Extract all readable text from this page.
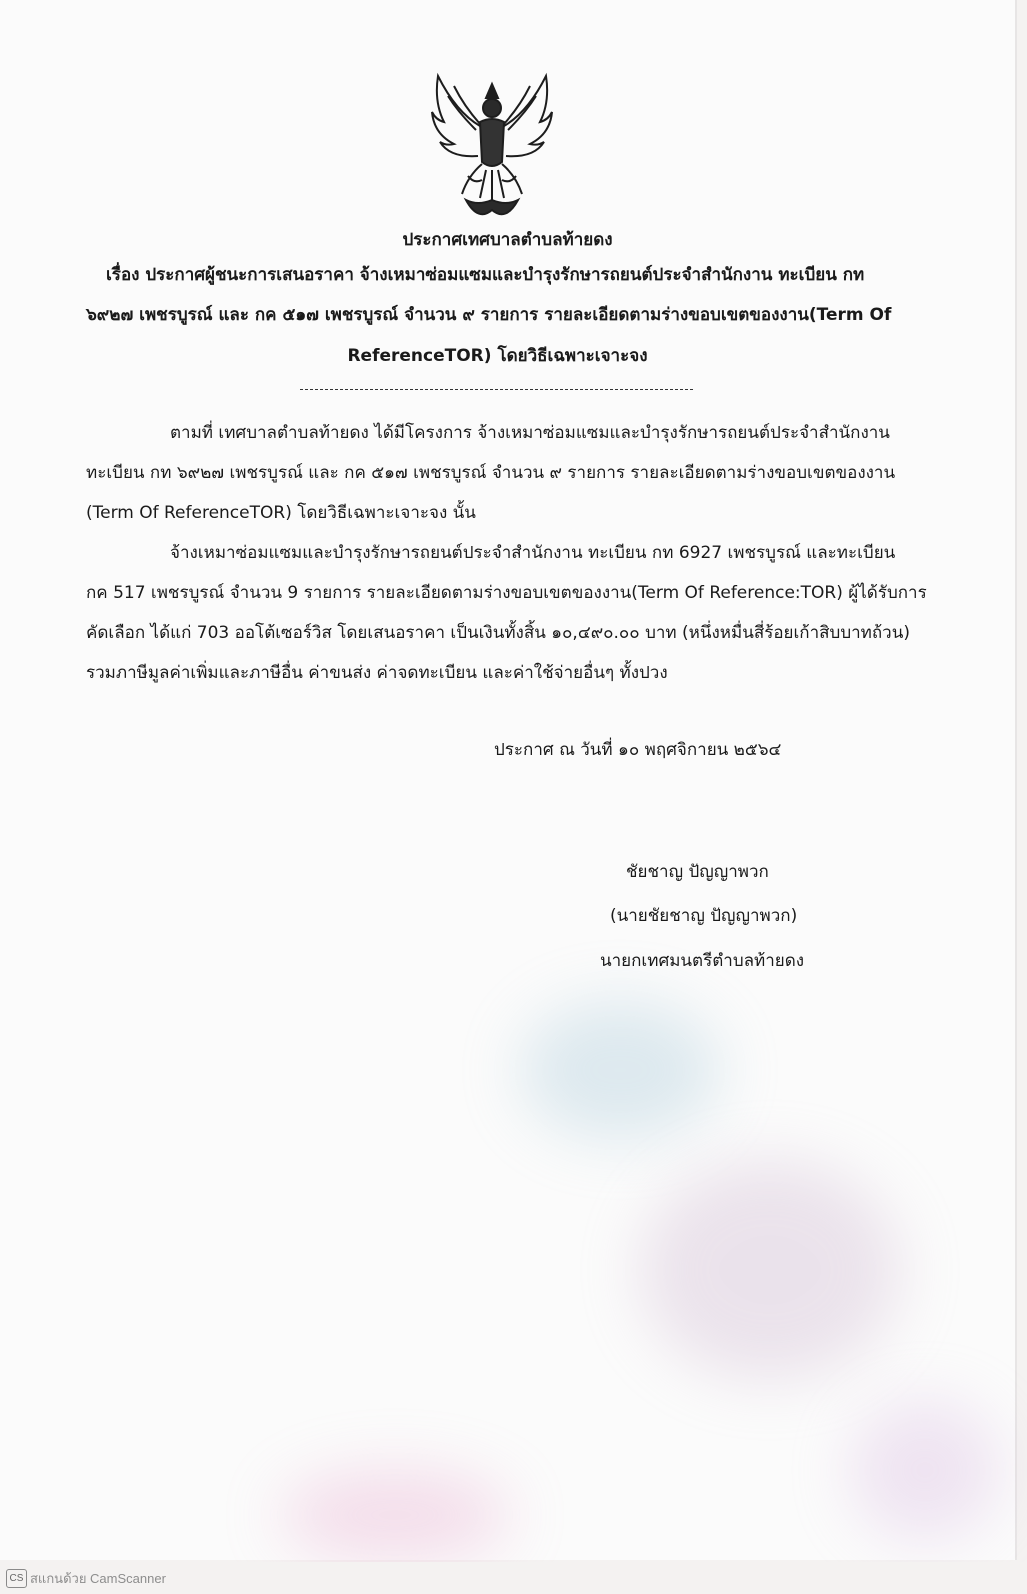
ประกาศเทศบาลตำบลท้ายดง
เรื่อง ประกาศผู้ชนะการเสนอราคา จ้างเหมาซ่อมแซมและบำรุงรักษารถยนต์ประจำสำนักงาน ทะเบียน กท
๖๙๒๗ เพชรบูรณ์ และ กค ๕๑๗ เพชรบูรณ์ จำนวน ๙ รายการ รายละเอียดตามร่างขอบเขตของงาน(Term Of
ReferenceTOR) โดยวิธีเฉพาะเจาะจง
ตามที่ เทศบาลตำบลท้ายดง ได้มีโครงการ จ้างเหมาซ่อมแซมและบำรุงรักษารถยนต์ประจำสำนักงาน
ทะเบียน กท ๖๙๒๗ เพชรบูรณ์ และ กค ๕๑๗ เพชรบูรณ์ จำนวน ๙ รายการ รายละเอียดตามร่างขอบเขตของงาน
(Term Of ReferenceTOR) โดยวิธีเฉพาะเจาะจง นั้น
จ้างเหมาซ่อมแซมและบำรุงรักษารถยนต์ประจำสำนักงาน ทะเบียน กท 6927 เพชรบูรณ์ และทะเบียน
กค 517 เพชรบูรณ์ จำนวน 9 รายการ รายละเอียดตามร่างขอบเขตของงาน(Term Of Reference:TOR) ผู้ได้รับการ
คัดเลือก ได้แก่ 703 ออโต้เซอร์วิส โดยเสนอราคา เป็นเงินทั้งสิ้น ๑๐,๔๙๐.๐๐ บาท (หนึ่งหมื่นสี่ร้อยเก้าสิบบาทถ้วน)
รวมภาษีมูลค่าเพิ่มและภาษีอื่น ค่าขนส่ง ค่าจดทะเบียน และค่าใช้จ่ายอื่นๆ ทั้งปวง
ประกาศ ณ วันที่ ๑๐ พฤศจิกายน ๒๕๖๔
ชัยชาญ ปัญญาพวก
(นายชัยชาญ ปัญญาพวก)
นายกเทศมนตรีตำบลท้ายดง
CS สแกนด้วย CamScanner
